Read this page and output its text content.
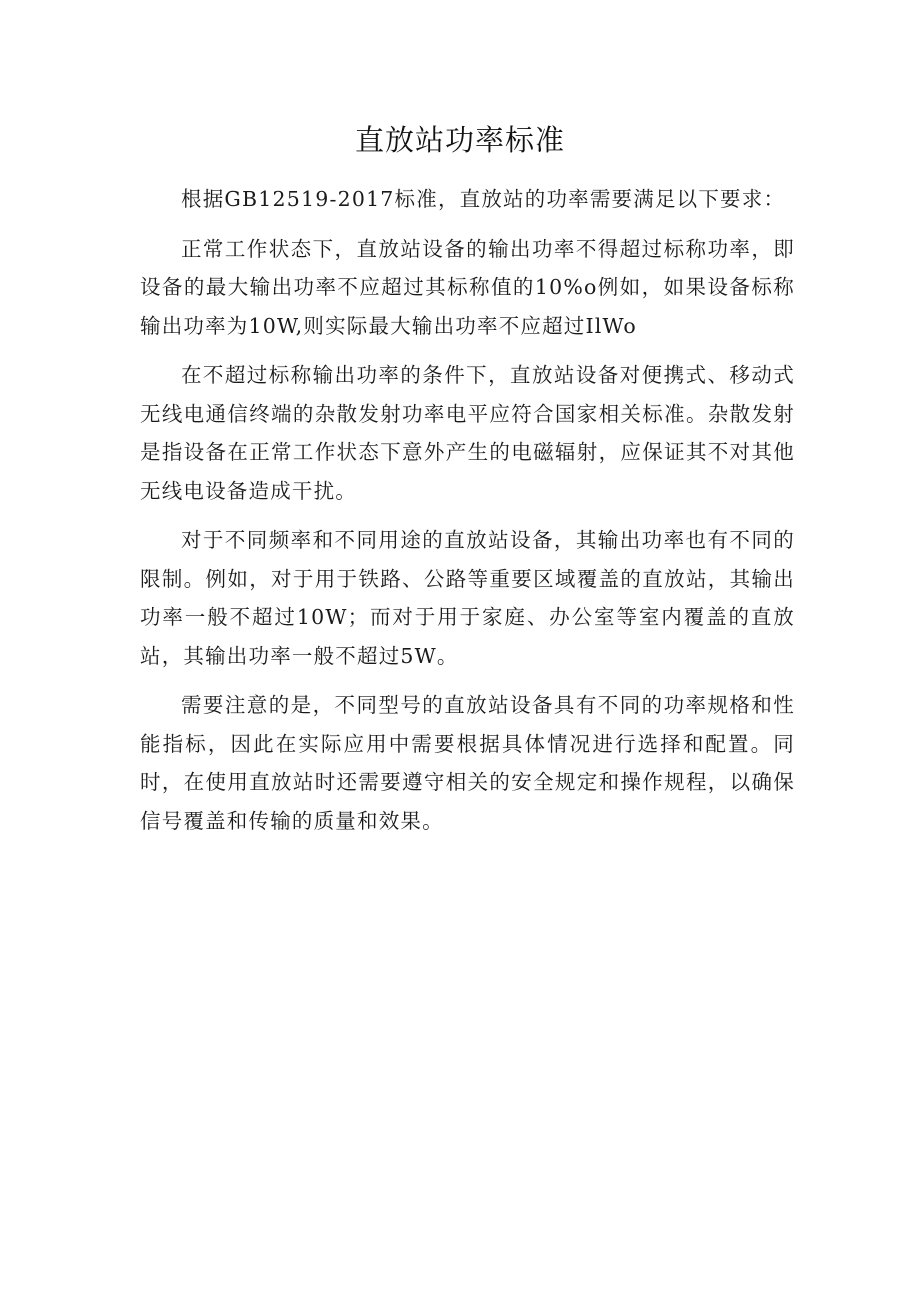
直放站功率标准

根据GB12519-2017标准，直放站的功率需要满足以下要求：

正常工作状态下，直放站设备的输出功率不得超过标称功率，即设备的最大输出功率不应超过其标称值的10%o例如，如果设备标称输出功率为10W,则实际最大输出功率不应超过IlWo

在不超过标称输出功率的条件下，直放站设备对便携式、移动式无线电通信终端的杂散发射功率电平应符合国家相关标准。杂散发射是指设备在正常工作状态下意外产生的电磁辐射，应保证其不对其他无线电设备造成干扰。

对于不同频率和不同用途的直放站设备，其输出功率也有不同的限制。例如，对于用于铁路、公路等重要区域覆盖的直放站，其输出功率一般不超过10W；而对于用于家庭、办公室等室内覆盖的直放站，其输出功率一般不超过5W。

需要注意的是，不同型号的直放站设备具有不同的功率规格和性能指标，因此在实际应用中需要根据具体情况进行选择和配置。同时，在使用直放站时还需要遵守相关的安全规定和操作规程，以确保信号覆盖和传输的质量和效果。
